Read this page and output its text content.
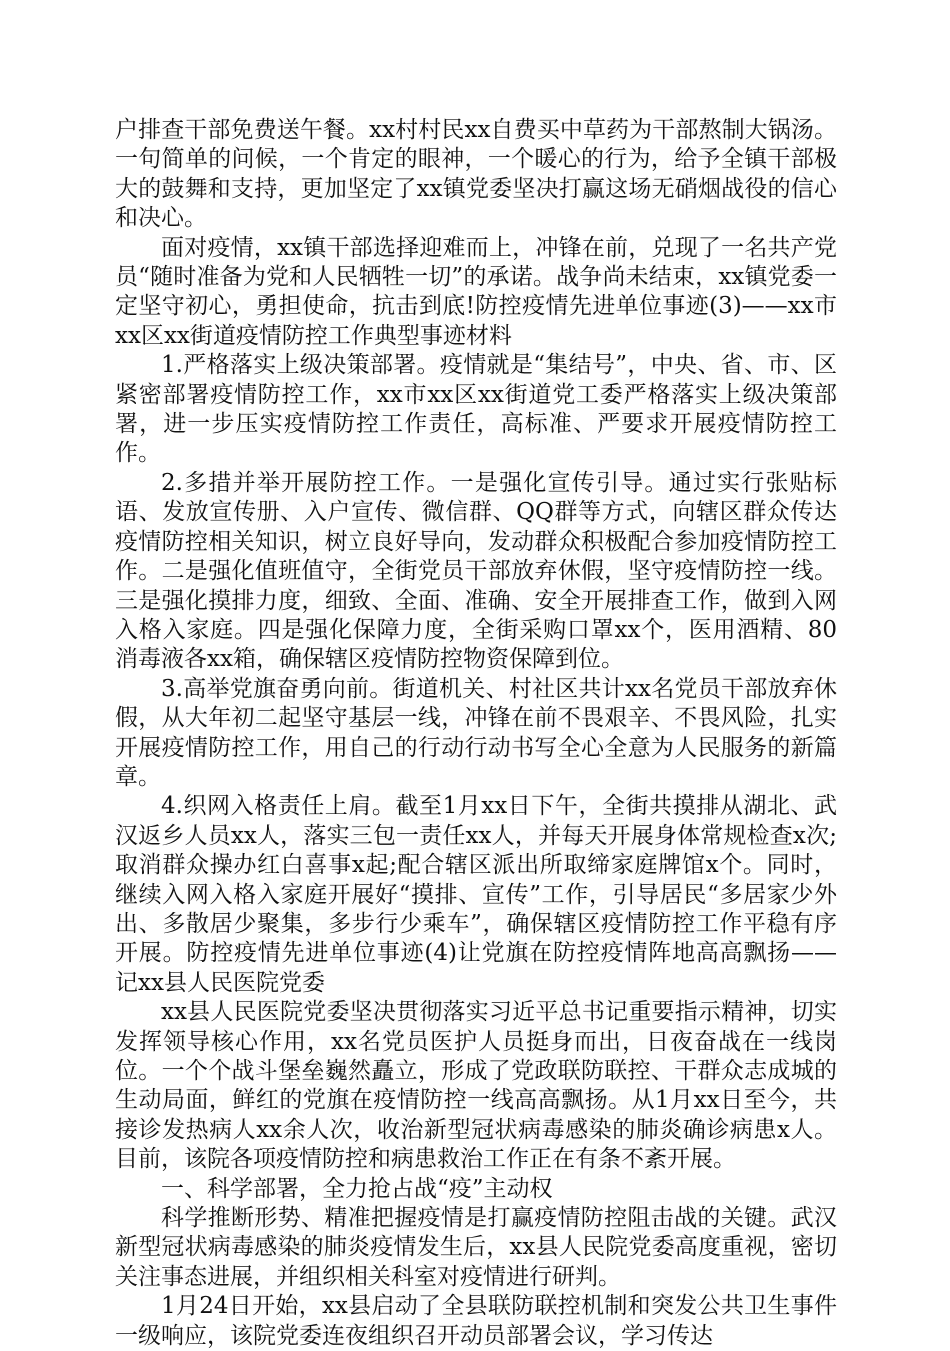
户排查干部免费送午餐。xx村村民xx自费买中草药为干部熬制大锅汤。一句简单的问候，一个肯定的眼神，一个暖心的行为，给予全镇干部极大的鼓舞和支持，更加坚定了xx镇党委坚决打赢这场无硝烟战役的信心和决心。

面对疫情，xx镇干部选择迎难而上，冲锋在前，兑现了一名共产党员“随时准备为党和人民牺牲一切”的承诺。战争尚未结束，xx镇党委一定坚守初心，勇担使命，抗击到底!防控疫情先进单位事迹(3)——xx市xx区xx街道疫情防控工作典型事迹材料

1.严格落实上级决策部署。疫情就是“集结号”，中央、省、市、区紧密部署疫情防控工作，xx市xx区xx街道党工委严格落实上级决策部署，进一步压实疫情防控工作责任，高标准、严要求开展疫情防控工作。

2.多措并举开展防控工作。一是强化宣传引导。通过实行张贴标语、发放宣传册、入户宣传、微信群、QQ群等方式，向辖区群众传达疫情防控相关知识，树立良好导向，发动群众积极配合参加疫情防控工作。二是强化值班值守，全街党员干部放弃休假，坚守疫情防控一线。三是强化摸排力度，细致、全面、准确、安全开展排查工作，做到入网入格入家庭。四是强化保障力度，全街采购口罩xx个，医用酒精、80消毒液各xx箱，确保辖区疫情防控物资保障到位。

3.高举党旗奋勇向前。街道机关、村社区共计xx名党员干部放弃休假，从大年初二起坚守基层一线，冲锋在前不畏艰辛、不畏风险，扎实开展疫情防控工作，用自己的行动行动书写全心全意为人民服务的新篇章。

4.织网入格责任上肩。截至1月xx日下午，全街共摸排从湖北、武汉返乡人员xx人，落实三包一责任xx人，并每天开展身体常规检查x次;取消群众操办红白喜事x起;配合辖区派出所取缔家庭牌馆x个。同时，继续入网入格入家庭开展好“摸排、宣传”工作，引导居民“多居家少外出、多散居少聚集，多步行少乘车”，确保辖区疫情防控工作平稳有序开展。防控疫情先进单位事迹(4)让党旗在防控疫情阵地高高飘扬——记xx县人民医院党委

xx县人民医院党委坚决贯彻落实习近平总书记重要指示精神，切实发挥领导核心作用，xx名党员医护人员挺身而出，日夜奋战在一线岗位。一个个战斗堡垒巍然矗立，形成了党政联防联控、干群众志成城的生动局面，鲜红的党旗在疫情防控一线高高飘扬。从1月xx日至今，共接诊发热病人xx余人次，收治新型冠状病毒感染的肺炎确诊病患x人。目前，该院各项疫情防控和病患救治工作正在有条不紊开展。

一、科学部署，全力抢占战“疫”主动权

科学推断形势、精准把握疫情是打赢疫情防控阻击战的关键。武汉新型冠状病毒感染的肺炎疫情发生后，xx县人民院党委高度重视，密切关注事态进展，并组织相关科室对疫情进行研判。

1月24日开始，xx县启动了全县联防联控机制和突发公共卫生事件一级响应，该院党委连夜组织召开动员部署会议，学习传达
